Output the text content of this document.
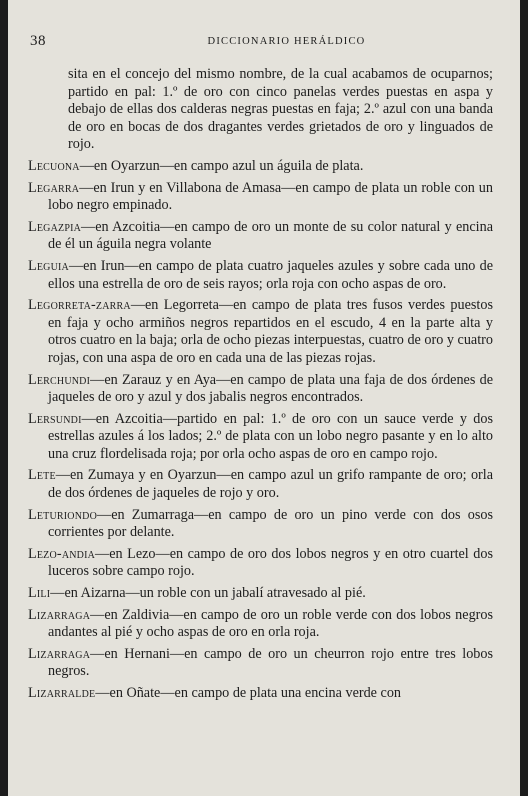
38	DICCIONARIO HERÁLDICO

sita en el concejo del mismo nombre, de la cual acabamos de ocuparnos; partido en pal: 1.º de oro con cinco panelas verdes puestas en aspa y debajo de ellas dos calderas negras puestas en faja; 2.º azul con una banda de oro en bocas de dos dragantes verdes grietados de oro y linguados de rojo.

Lecuona—en Oyarzun—en campo azul un águila de plata.

Legarra—en Irun y en Villabona de Amasa—en campo de plata un roble con un lobo negro empinado.

Legazpia—en Azcoitia—en campo de oro un monte de su color natural y encina de él un águila negra volante

Leguia—en Irun—en campo de plata cuatro jaqueles azules y sobre cada uno de ellos una estrella de oro de seis rayos; orla roja con ocho aspas de oro.

Legorreta-zarra—en Legorreta—en campo de plata tres fusos verdes puestos en faja y ocho armiños negros repartidos en el escudo, 4 en la parte alta y otros cuatro en la baja; orla de ocho piezas interpuestas, cuatro de oro y cuatro rojas, con una aspa de oro en cada una de las piezas rojas.

Lerchundi—en Zarauz y en Aya—en campo de plata una faja de dos órdenes de jaqueles de oro y azul y dos jabalis negros encontrados.

Lersundi—en Azcoitia—partido en pal: 1.º de oro con un sauce verde y dos estrellas azules á los lados; 2.º de plata con un lobo negro pasante y en lo alto una cruz flordelisada roja; por orla ocho aspas de oro en campo rojo.

Lete—en Zumaya y en Oyarzun—en campo azul un grifo rampante de oro; orla de dos órdenes de jaqueles de rojo y oro.

Leturiondo—en Zumarraga—en campo de oro un pino verde con dos osos corrientes por delante.

Lezo-andia—en Lezo—en campo de oro dos lobos negros y en otro cuartel dos luceros sobre campo rojo.

Lili—en Aizarna—un roble con un jabalí atravesado al pié.

Lizarraga—en Zaldivia—en campo de oro un roble verde con dos lobos negros andantes al pié y ocho aspas de oro en orla roja.

Lizarraga—en Hernani—en campo de oro un cheurron rojo entre tres lobos negros.

Lizarralde—en Oñate—en campo de plata una encina verde con
